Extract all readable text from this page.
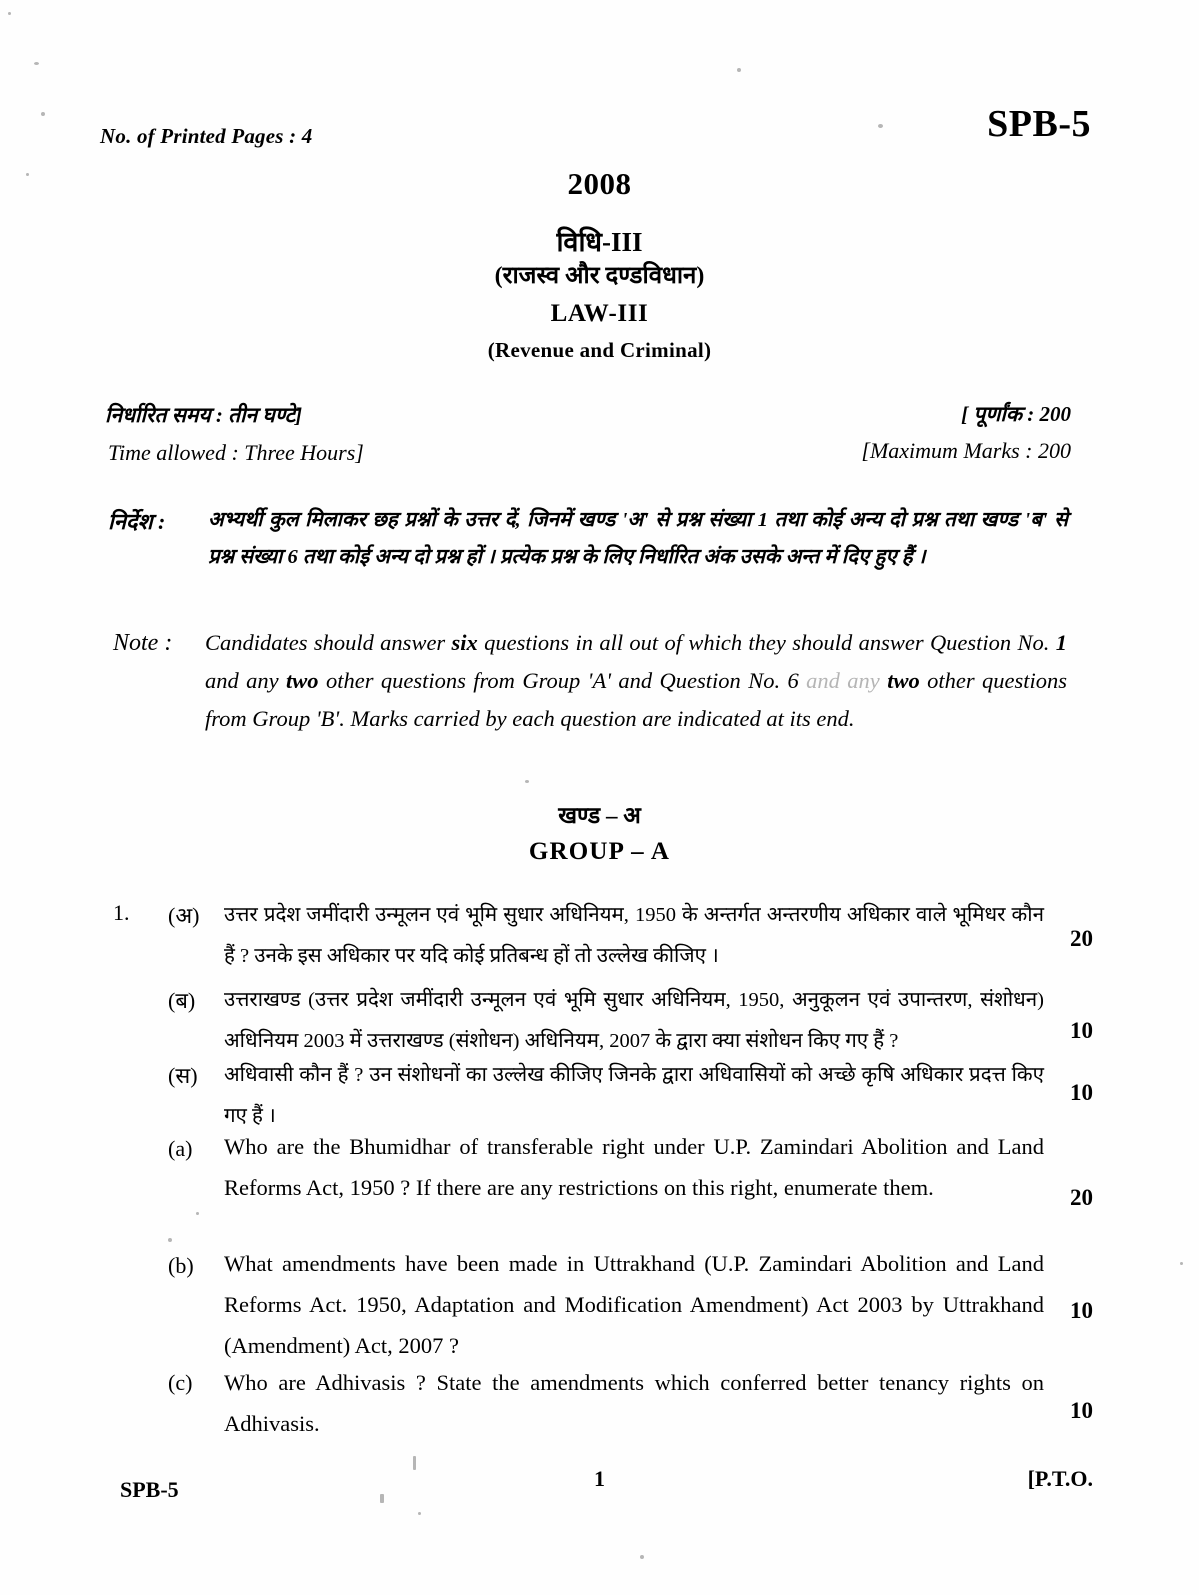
No. of Printed Pages : 4	SPB-5
2008
विधि-III
(राजस्व और दण्डविधान)
LAW-III
(Revenue and Criminal)
निर्धारित समय : तीन घण्टे]
Time allowed : Three Hours]
[ पूर्णांक : 200
[Maximum Marks : 200
निर्देश : अभ्यर्थी कुल मिलाकर छह प्रश्नों के उत्तर दें, जिनमें खण्ड 'अ' से प्रश्न संख्या 1 तथा कोई अन्य दो प्रश्न तथा खण्ड 'ब' से प्रश्न संख्या 6 तथा कोई अन्य दो प्रश्न हों । प्रत्येक प्रश्न के लिए निर्धारित अंक उसके अन्त में दिए हुए हैं ।
Note : Candidates should answer six questions in all out of which they should answer Question No. 1 and any two other questions from Group 'A' and Question No. 6 and any two other questions from Group 'B'. Marks carried by each question are indicated at its end.
खण्ड – अ
GROUP – A
1. (अ) उत्तर प्रदेश जमींदारी उन्मूलन एवं भूमि सुधार अधिनियम, 1950 के अन्तर्गत अन्तरणीय अधिकार वाले भूमिधर कौन हैं ? उनके इस अधिकार पर यदि कोई प्रतिबन्ध हों तो उल्लेख कीजिए ।
20
(ब) उत्तराखण्ड (उत्तर प्रदेश जमींदारी उन्मूलन एवं भूमि सुधार अधिनियम, 1950, अनुकूलन एवं उपान्तरण, संशोधन) अधिनियम 2003 में उत्तराखण्ड (संशोधन) अधिनियम, 2007 के द्वारा क्या संशोधन किए गए हैं ?	10
(स) अधिवासी कौन हैं ? उन संशोधनों का उल्लेख कीजिए जिनके द्वारा अधिवासियों को अच्छे कृषि अधिकार प्रदत्त किए गए हैं ।
10
(a) Who are the Bhumidhar of transferable right under U.P. Zamindari Abolition and Land Reforms Act, 1950 ? If there are any restrictions on this right, enumerate them.	20
(b) What amendments have been made in Uttrakhand (U.P. Zamindari Abolition and Land Reforms Act. 1950, Adaptation and Modification Amendment) Act 2003 by Uttrakhand (Amendment) Act, 2007 ?
10
(c) Who are Adhivasis ? State the amendments which conferred better tenancy rights on Adhivasis.
10
SPB-5	1	[P.T.O.
